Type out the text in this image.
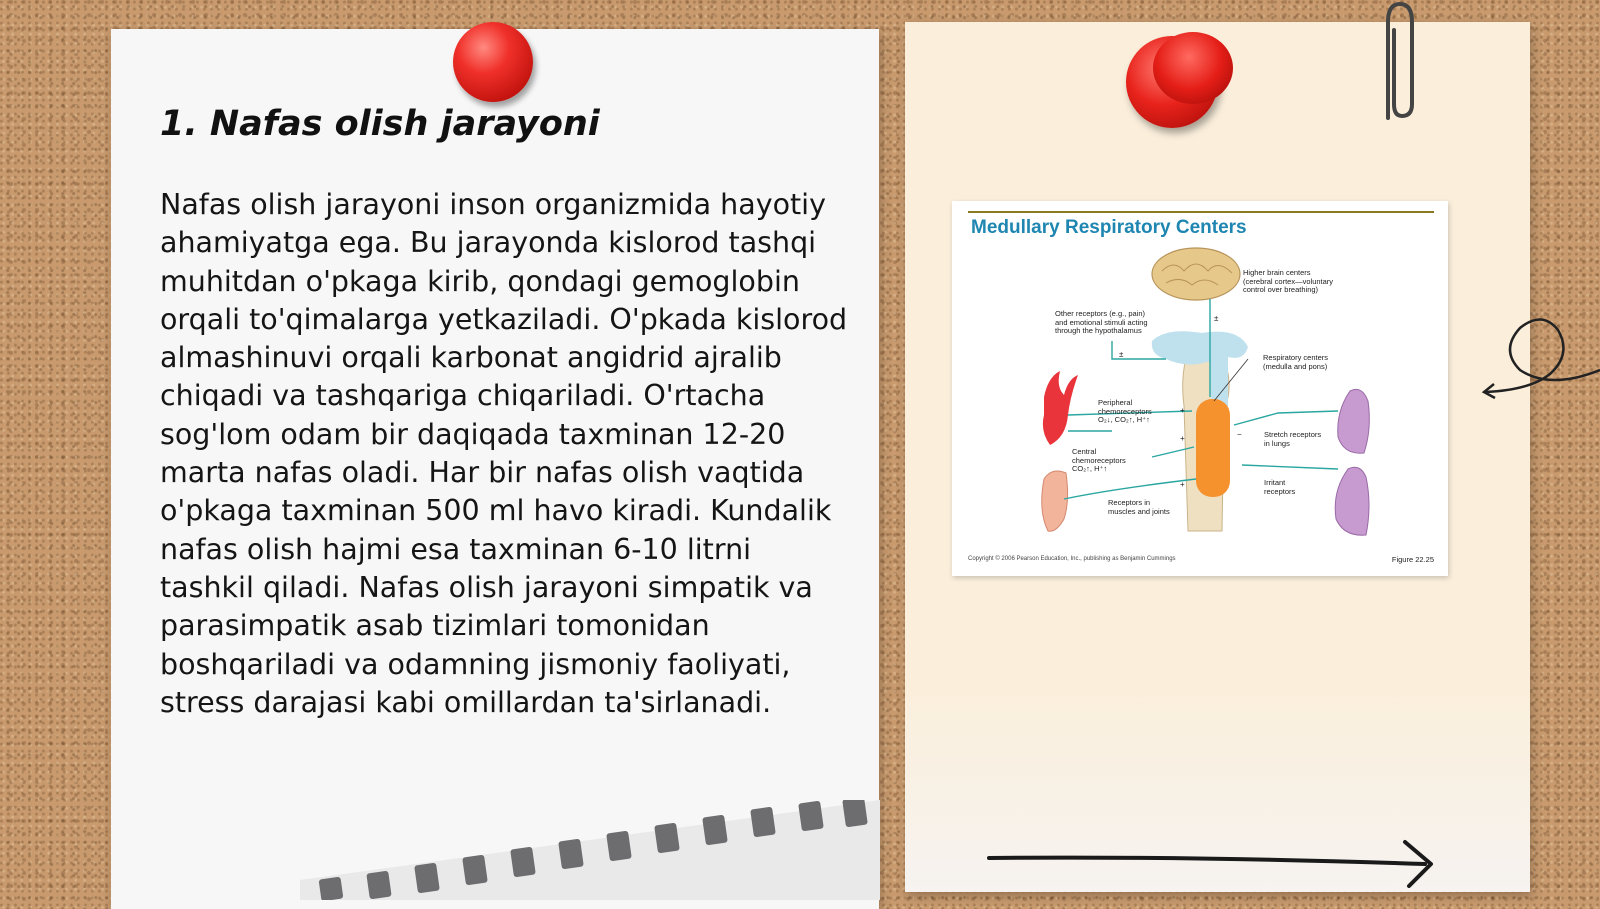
1. Nafas olish jarayoni

Nafas olish jarayoni inson organizmida hayotiy ahamiyatga ega. Bu jarayonda kislorod tashqi muhitdan o'pkaga kirib, qondagi gemoglobin orqali to'qimalarga yetkaziladi. O'pkada kislorod almashinuvi orqali karbonat angidrid ajralib chiqadi va tashqariga chiqariladi. O'rtacha sog'lom odam bir daqiqada taxminan 12-20 marta nafas oladi. Har bir nafas olish vaqtida o'pkaga taxminan 500 ml havo kiradi. Kundalik nafas olish hajmi esa taxminan 6-10 litrni tashkil qiladi. Nafas olish jarayoni simpatik va parasimpatik asab tizimlari tomonidan boshqariladi va odamning jismoniy faoliyati, stress darajasi kabi omillardan ta'sirlanadi.

Medullary Respiratory Centers
±
±
+
+
+
−
Higher brain centers
(cerebral cortex—voluntary
control over breathing)
Other receptors (e.g., pain)
and emotional stimuli acting
through the hypothalamus
Respiratory centers
(medulla and pons)
Peripheral
chemoreceptors
O₂↓, CO₂↑, H⁺↑
Central
chemoreceptors
CO₂↑, H⁺↑
Stretch receptors
in lungs
Irritant
receptors
Receptors in
muscles and joints
Copyright © 2006 Pearson Education, Inc., publishing as Benjamin Cummings	Figure 22.25
